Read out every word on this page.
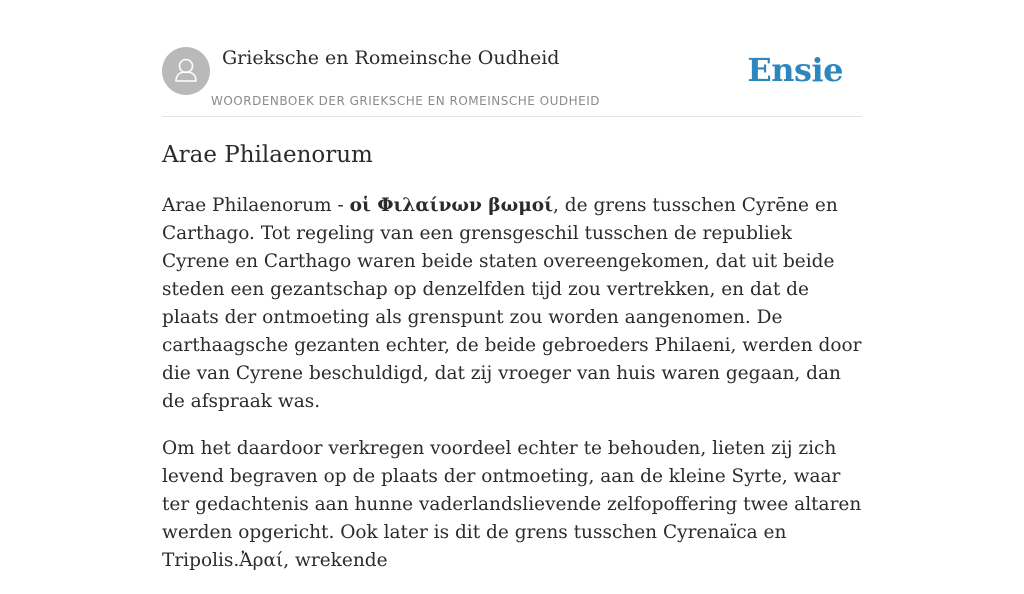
Grieksche en Romeinsche Oudheid
WOORDENBOEK DER GRIEKSCHE EN ROMEINSCHE OUDHEID
Ensie
Arae Philaenorum

Arae Philaenorum - οἱ Φιλαίνων βωμοί, de grens tusschen Cyrēne en Carthago. Tot regeling van een grensgeschil tusschen de republiek Cyrene en Carthago waren beide staten overeengekomen, dat uit beide steden een gezantschap op denzelfden tijd zou vertrekken, en dat de plaats der ontmoeting als grenspunt zou worden aangenomen. De carthaagsche gezanten echter, de beide gebroeders Philaeni, werden door die van Cyrene beschuldigd, dat zij vroeger van huis waren gegaan, dan de afspraak was.

Om het daardoor verkregen voordeel echter te behouden, lieten zij zich levend begraven op de plaats der ontmoeting, aan de kleine Syrte, waar ter gedachtenis aan hunne vaderlandslievende zelfopoffering twee altaren werden opgericht. Ook later is dit de grens tusschen Cyrenaïca en Tripolis.Ἀραί, wrekende
